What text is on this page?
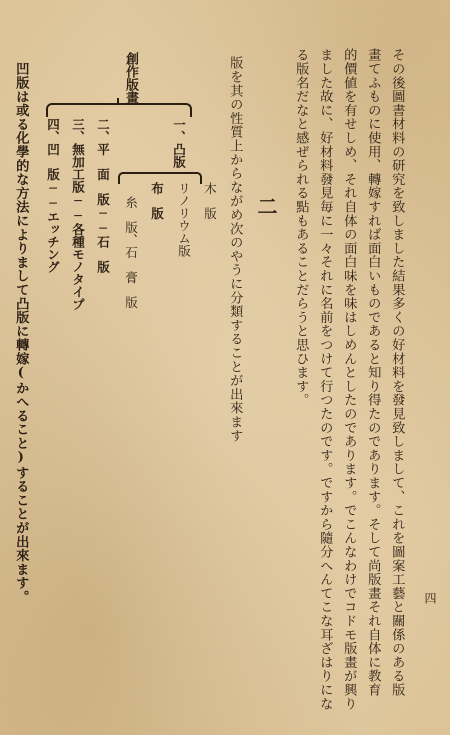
その後圖書材料の研究を致しました結果多くの好材料を發見致しまして、これを圖案工藝と關係のある版
畫てふものに使用、轉嫁すれば面白いものであると知り得たのであります。そして尚版畫それ自体に教育
的價値を有せしめ、それ自体の面白味を味はしめんとしたのであります。でこんなわけでコドモ版畫が興り
ました故に、好材料發見毎に一々それに名前をつけて行つたのです。ですから隨分へんてこな耳ざはりにな
る版名だなと感ぜられる點もあることだらうと思ひます。
二
版を其の性質上からながめ次のやうに分類することが出來ます
創作版畫
一、凸版
木　版
リノリウム版
布　版
糸　版、石　膏　版
二、平　面　版──石　版
三、無加工版──各種モノタイプ
四、凹　版──エッチング
凹版は或る化學的な方法によりまして凸版に轉嫁(かへること)することが出來ます。	四
